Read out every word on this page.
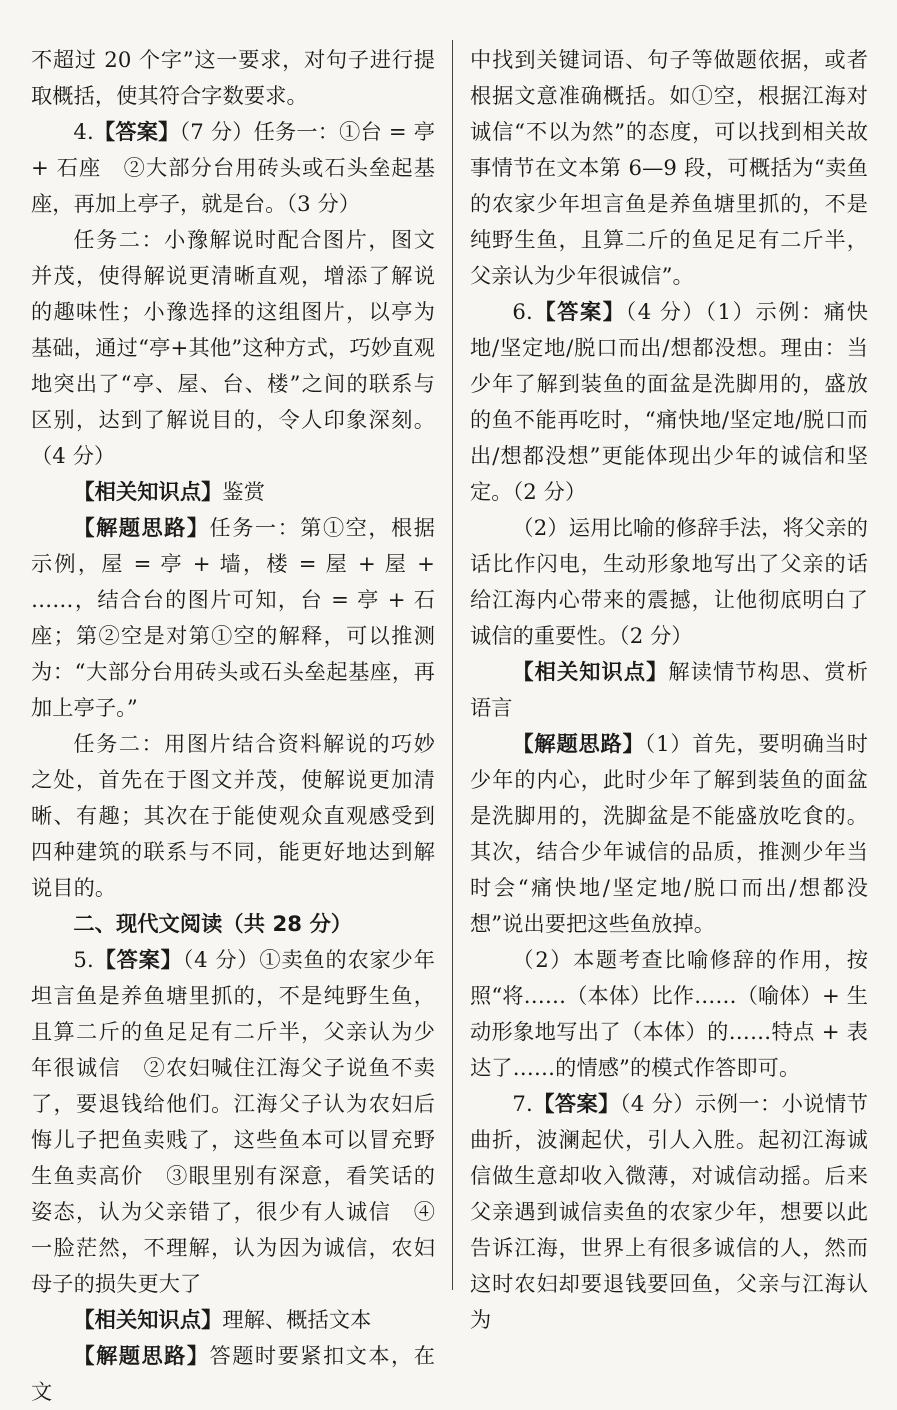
不超过 20 个字”这一要求，对句子进行提取概括，使其符合字数要求。

4.【答案】（7 分）任务一：①台 = 亭 + 石座　②大部分台用砖头或石头垒起基座，再加上亭子，就是台。（3 分）

任务二：小豫解说时配合图片，图文并茂，使得解说更清晰直观，增添了解说的趣味性；小豫选择的这组图片，以亭为基础，通过“亭+其他”这种方式，巧妙直观地突出了“亭、屋、台、楼”之间的联系与区别，达到了解说目的，令人印象深刻。（4 分）

【相关知识点】鉴赏

【解题思路】任务一：第①空，根据示例，屋 = 亭 + 墙，楼 = 屋 + 屋 + ……，结合台的图片可知，台 = 亭 + 石座；第②空是对第①空的解释，可以推测为：“大部分台用砖头或石头垒起基座，再加上亭子。”

任务二：用图片结合资料解说的巧妙之处，首先在于图文并茂，使解说更加清晰、有趣；其次在于能使观众直观感受到四种建筑的联系与不同，能更好地达到解说目的。

二、现代文阅读（共 28 分）

5.【答案】（4 分）①卖鱼的农家少年坦言鱼是养鱼塘里抓的，不是纯野生鱼，且算二斤的鱼足足有二斤半，父亲认为少年很诚信　②农妇喊住江海父子说鱼不卖了，要退钱给他们。江海父子认为农妇后悔儿子把鱼卖贱了，这些鱼本可以冒充野生鱼卖高价　③眼里别有深意，看笑话的姿态，认为父亲错了，很少有人诚信　④一脸茫然，不理解，认为因为诚信，农妇母子的损失更大了

【相关知识点】理解、概括文本

【解题思路】答题时要紧扣文本，在文

中找到关键词语、句子等做题依据，或者根据文意准确概括。如①空，根据江海对诚信“不以为然”的态度，可以找到相关故事情节在文本第 6—9 段，可概括为“卖鱼的农家少年坦言鱼是养鱼塘里抓的，不是纯野生鱼，且算二斤的鱼足足有二斤半，父亲认为少年很诚信”。

6.【答案】（4 分）（1）示例：痛快地/坚定地/脱口而出/想都没想。理由：当少年了解到装鱼的面盆是洗脚用的，盛放的鱼不能再吃时，“痛快地/坚定地/脱口而出/想都没想”更能体现出少年的诚信和坚定。（2 分）

（2）运用比喻的修辞手法，将父亲的话比作闪电，生动形象地写出了父亲的话给江海内心带来的震撼，让他彻底明白了诚信的重要性。（2 分）

【相关知识点】解读情节构思、赏析语言

【解题思路】（1）首先，要明确当时少年的内心，此时少年了解到装鱼的面盆是洗脚用的，洗脚盆是不能盛放吃食的。其次，结合少年诚信的品质，推测少年当时会“痛快地/坚定地/脱口而出/想都没想”说出要把这些鱼放掉。

（2）本题考查比喻修辞的作用，按照“将……（本体）比作……（喻体）+ 生动形象地写出了（本体）的……特点 + 表达了……的情感”的模式作答即可。

7.【答案】（4 分）示例一：小说情节曲折，波澜起伏，引人入胜。起初江海诚信做生意却收入微薄，对诚信动摇。后来父亲遇到诚信卖鱼的农家少年，想要以此告诉江海，世界上有很多诚信的人，然而这时农妇却要退钱要回鱼，父亲与江海认为
